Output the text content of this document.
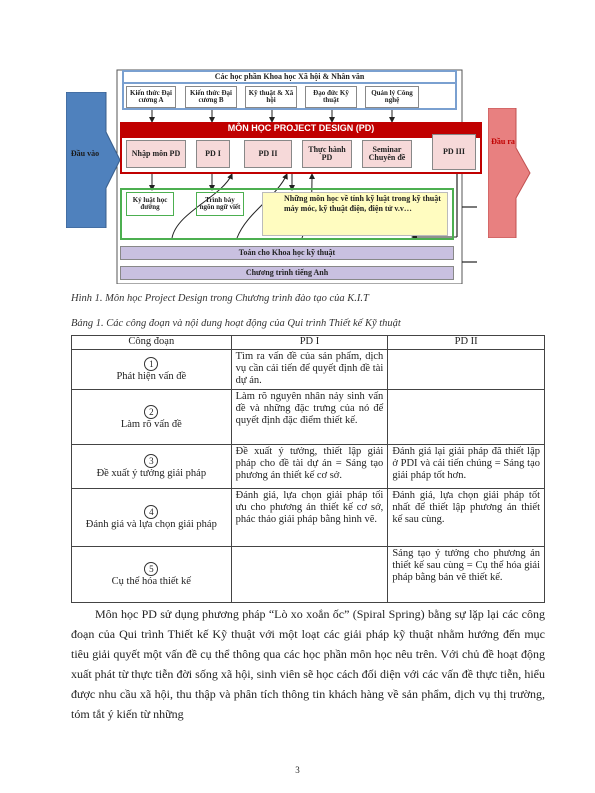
Các học phần Khoa học Xã hội & Nhân văn
Kiến thức Đại cương A
Kiến thức Đại cương B
Kỹ thuật & Xã hội
Đạo đức Kỹ thuật
Quản lý Công nghệ
Đầu vào
MÔN HỌC PROJECT DESIGN (PD)
Nhập môn PD	PD I	PD II	Thực hành PD
Seminar Chuyên đề
PD III
Đầu ra
Kỷ luật học đường
Trình bày ngôn ngữ viết
Những môn học về tính kỹ luật trong kỹ thuật máy móc, kỹ thuật điện, điện tử v.v…
Toán cho Khoa học kỹ thuật
Chương trình tiếng Anh
Hình 1. Môn học Project Design trong Chương trình đào tạo của K.I.T
Bảng 1. Các công đoạn và nội dung hoạt động của Qui trình Thiết kế Kỹ thuật
Công đoạn	PD I	PD II
1
Phát hiện vấn đề	Tìm ra vấn đề của sản phẩm, dịch vụ cần cải tiến để quyết định đề tài dự án.	
2
Làm rõ vấn đề	Làm rõ nguyên nhân nảy sinh vấn đề và những đặc trưng của nó để quyết định đặc điểm thiết kế.	
3
Đề xuất ý tưởng giải pháp	Đề xuất ý tưởng, thiết lập giải pháp cho đề tài dự án = Sáng tạo phương án thiết kế cơ sở.	Đánh giá lại giải pháp đã thiết lập ở PDI và cải tiến chúng = Sáng tạo giải pháp tốt hơn.
4
Đánh giá và lựa chọn giải pháp	Đánh giá, lựa chọn giải pháp tối ưu cho phương án thiết kế cơ sở, phác thảo giải pháp bằng hình vẽ.	Đánh giá, lựa chọn giải pháp tốt nhất để thiết lập phương án thiết kế sau cùng.
5
Cụ thể hóa thiết kế		Sáng tạo ý tưởng cho phương án thiết kế sau cùng = Cụ thể hóa giải pháp bằng bản vẽ thiết kế.
Môn học PD sử dụng phương pháp “Lò xo xoắn ốc” (Spiral Spring) bằng sự lặp lại các công đoạn của Qui trình Thiết kế Kỹ thuật với một loạt các giải pháp kỹ thuật nhằm hướng đến mục tiêu giải quyết một vấn đề cụ thể thông qua các học phần môn học nêu trên. Với chủ đề hoạt động xuất phát từ thực tiễn đời sống xã hội, sinh viên sẽ học cách đối diện với các vấn đề thực tiễn, hiểu được nhu cầu xã hội, thu thập và phân tích thông tin khách hàng về sản phẩm, dịch vụ thị trường, tóm tắt ý kiến từ những
3
